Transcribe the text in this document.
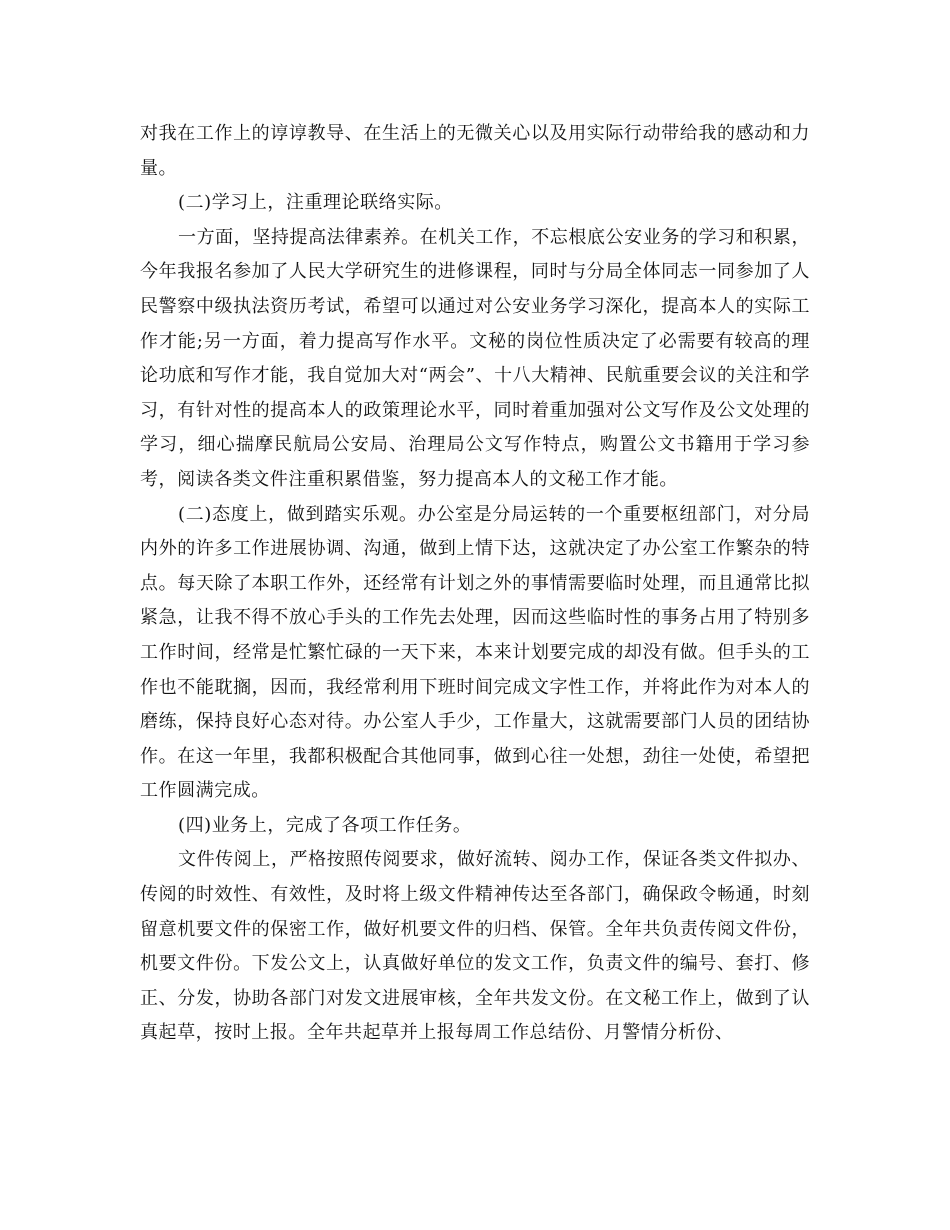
对我在工作上的谆谆教导、在生活上的无微关心以及用实际行动带给我的感动和力量。

(二)学习上，注重理论联络实际。

一方面，坚持提高法律素养。在机关工作，不忘根底公安业务的学习和积累，今年我报名参加了人民大学研究生的进修课程，同时与分局全体同志一同参加了人民警察中级执法资历考试，希望可以通过对公安业务学习深化，提高本人的实际工作才能;另一方面，着力提高写作水平。文秘的岗位性质决定了必需要有较高的理论功底和写作才能，我自觉加大对“两会”、十八大精神、民航重要会议的关注和学习，有针对性的提高本人的政策理论水平，同时着重加强对公文写作及公文处理的学习，细心揣摩民航局公安局、治理局公文写作特点，购置公文书籍用于学习参考，阅读各类文件注重积累借鉴，努力提高本人的文秘工作才能。

(二)态度上，做到踏实乐观。办公室是分局运转的一个重要枢纽部门，对分局内外的许多工作进展协调、沟通，做到上情下达，这就决定了办公室工作繁杂的特点。每天除了本职工作外，还经常有计划之外的事情需要临时处理，而且通常比拟紧急，让我不得不放心手头的工作先去处理，因而这些临时性的事务占用了特别多工作时间，经常是忙繁忙碌的一天下来，本来计划要完成的却没有做。但手头的工作也不能耽搁，因而，我经常利用下班时间完成文字性工作，并将此作为对本人的磨练，保持良好心态对待。办公室人手少，工作量大，这就需要部门人员的团结协作。在这一年里，我都积极配合其他同事，做到心往一处想，劲往一处使，希望把工作圆满完成。

(四)业务上，完成了各项工作任务。

文件传阅上，严格按照传阅要求，做好流转、阅办工作，保证各类文件拟办、传阅的时效性、有效性，及时将上级文件精神传达至各部门，确保政令畅通，时刻留意机要文件的保密工作，做好机要文件的归档、保管。全年共负责传阅文件份，机要文件份。下发公文上，认真做好单位的发文工作，负责文件的编号、套打、修正、分发，协助各部门对发文进展审核，全年共发文份。在文秘工作上，做到了认真起草，按时上报。全年共起草并上报每周工作总结份、月警情分析份、
